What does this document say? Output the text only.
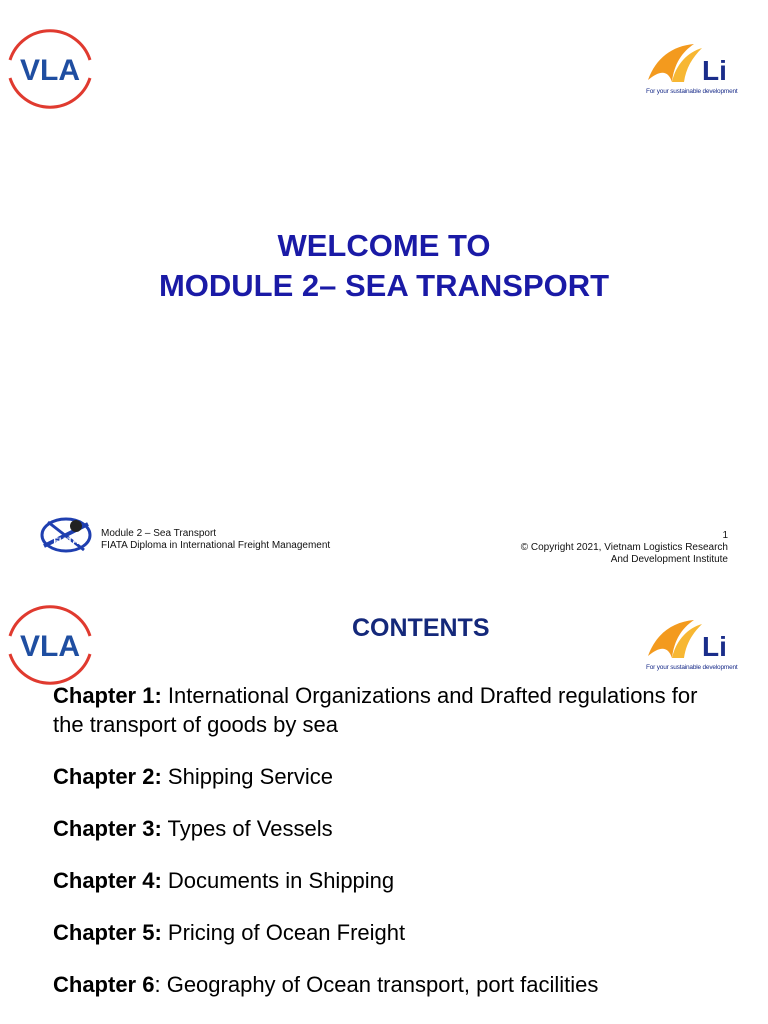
VLA	Li
For your sustainable development
WELCOME TO
MODULE 2– SEA TRANSPORT
FIATA
Module 2 – Sea Transport
FIATA Diploma in International Freight Management
1
© Copyright 2021, Vietnam Logistics Research
And Development Institute
VLA
CONTENTS
Li
For your sustainable development
Chapter 1: International Organizations and Drafted regulations for the transport of goods by sea
Chapter 2: Shipping Service
Chapter 3: Types of Vessels
Chapter 4: Documents in Shipping
Chapter 5: Pricing of Ocean Freight
Chapter 6: Geography of Ocean transport, port facilities
